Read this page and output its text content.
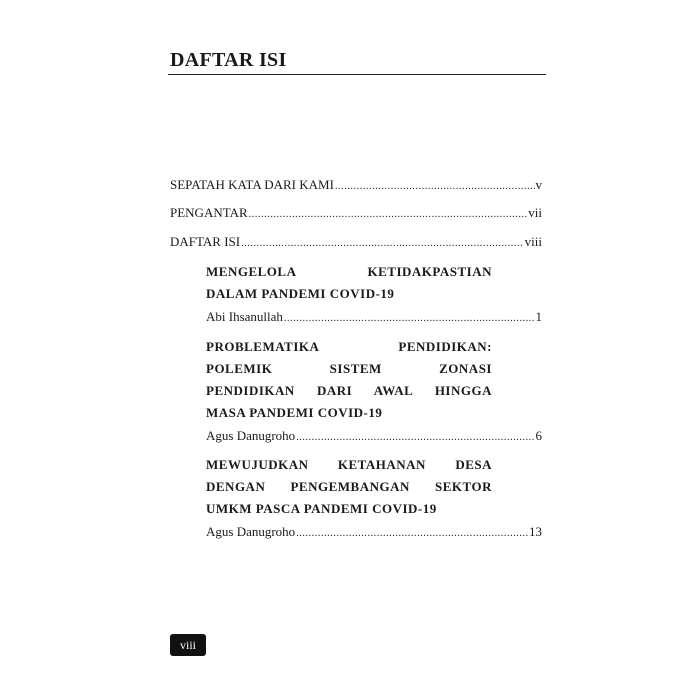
DAFTAR ISI
SEPATAH KATA DARI KAMI .....	v
PENGANTAR .....	vii
DAFTAR ISI .....	viii
MENGELOLA KETIDAKPASTIAN
DALAM PANDEMI COVID-19
Abi Ihsanullah .....	1
PROBLEMATIKA PENDIDIKAN:
POLEMIK SISTEM ZONASI
PENDIDIKAN DARI AWAL HINGGA
MASA PANDEMI COVID-19
Agus Danugroho .....	6
MEWUJUDKAN KETAHANAN DESA
DENGAN PENGEMBANGAN SEKTOR
UMKM PASCA PANDEMI COVID-19
Agus Danugroho .....	13
viii
